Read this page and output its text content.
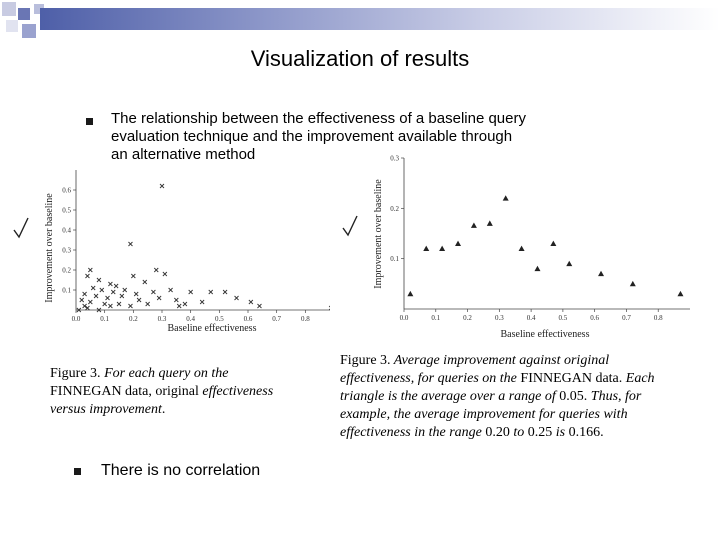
Visualization of results
The relationship between the effectiveness of a baseline query evaluation technique and the improvement available through an alternative method
0.0	0.1	0.2	0.3	0.4	0.5	0.6	0.7	0.8
0.1
0.2
0.3
0.4
0.5
0.6
Baseline effectiveness
Improvement over baseline
0.0	0.1	0.2	0.3	0.4	0.5	0.6	0.7	0.8
0.1
0.2
0.3
Baseline effectiveness
Improvement over baseline
Figure 3. For each query on the FINNEGAN data, original effectiveness versus improvement.
Figure 3. Average improvement against original effectiveness, for queries on the FINNEGAN data. Each triangle is the average over a range of 0.05. Thus, for example, the average improvement for queries with effectiveness in the range 0.20 to 0.25 is 0.166.
There is no correlation
